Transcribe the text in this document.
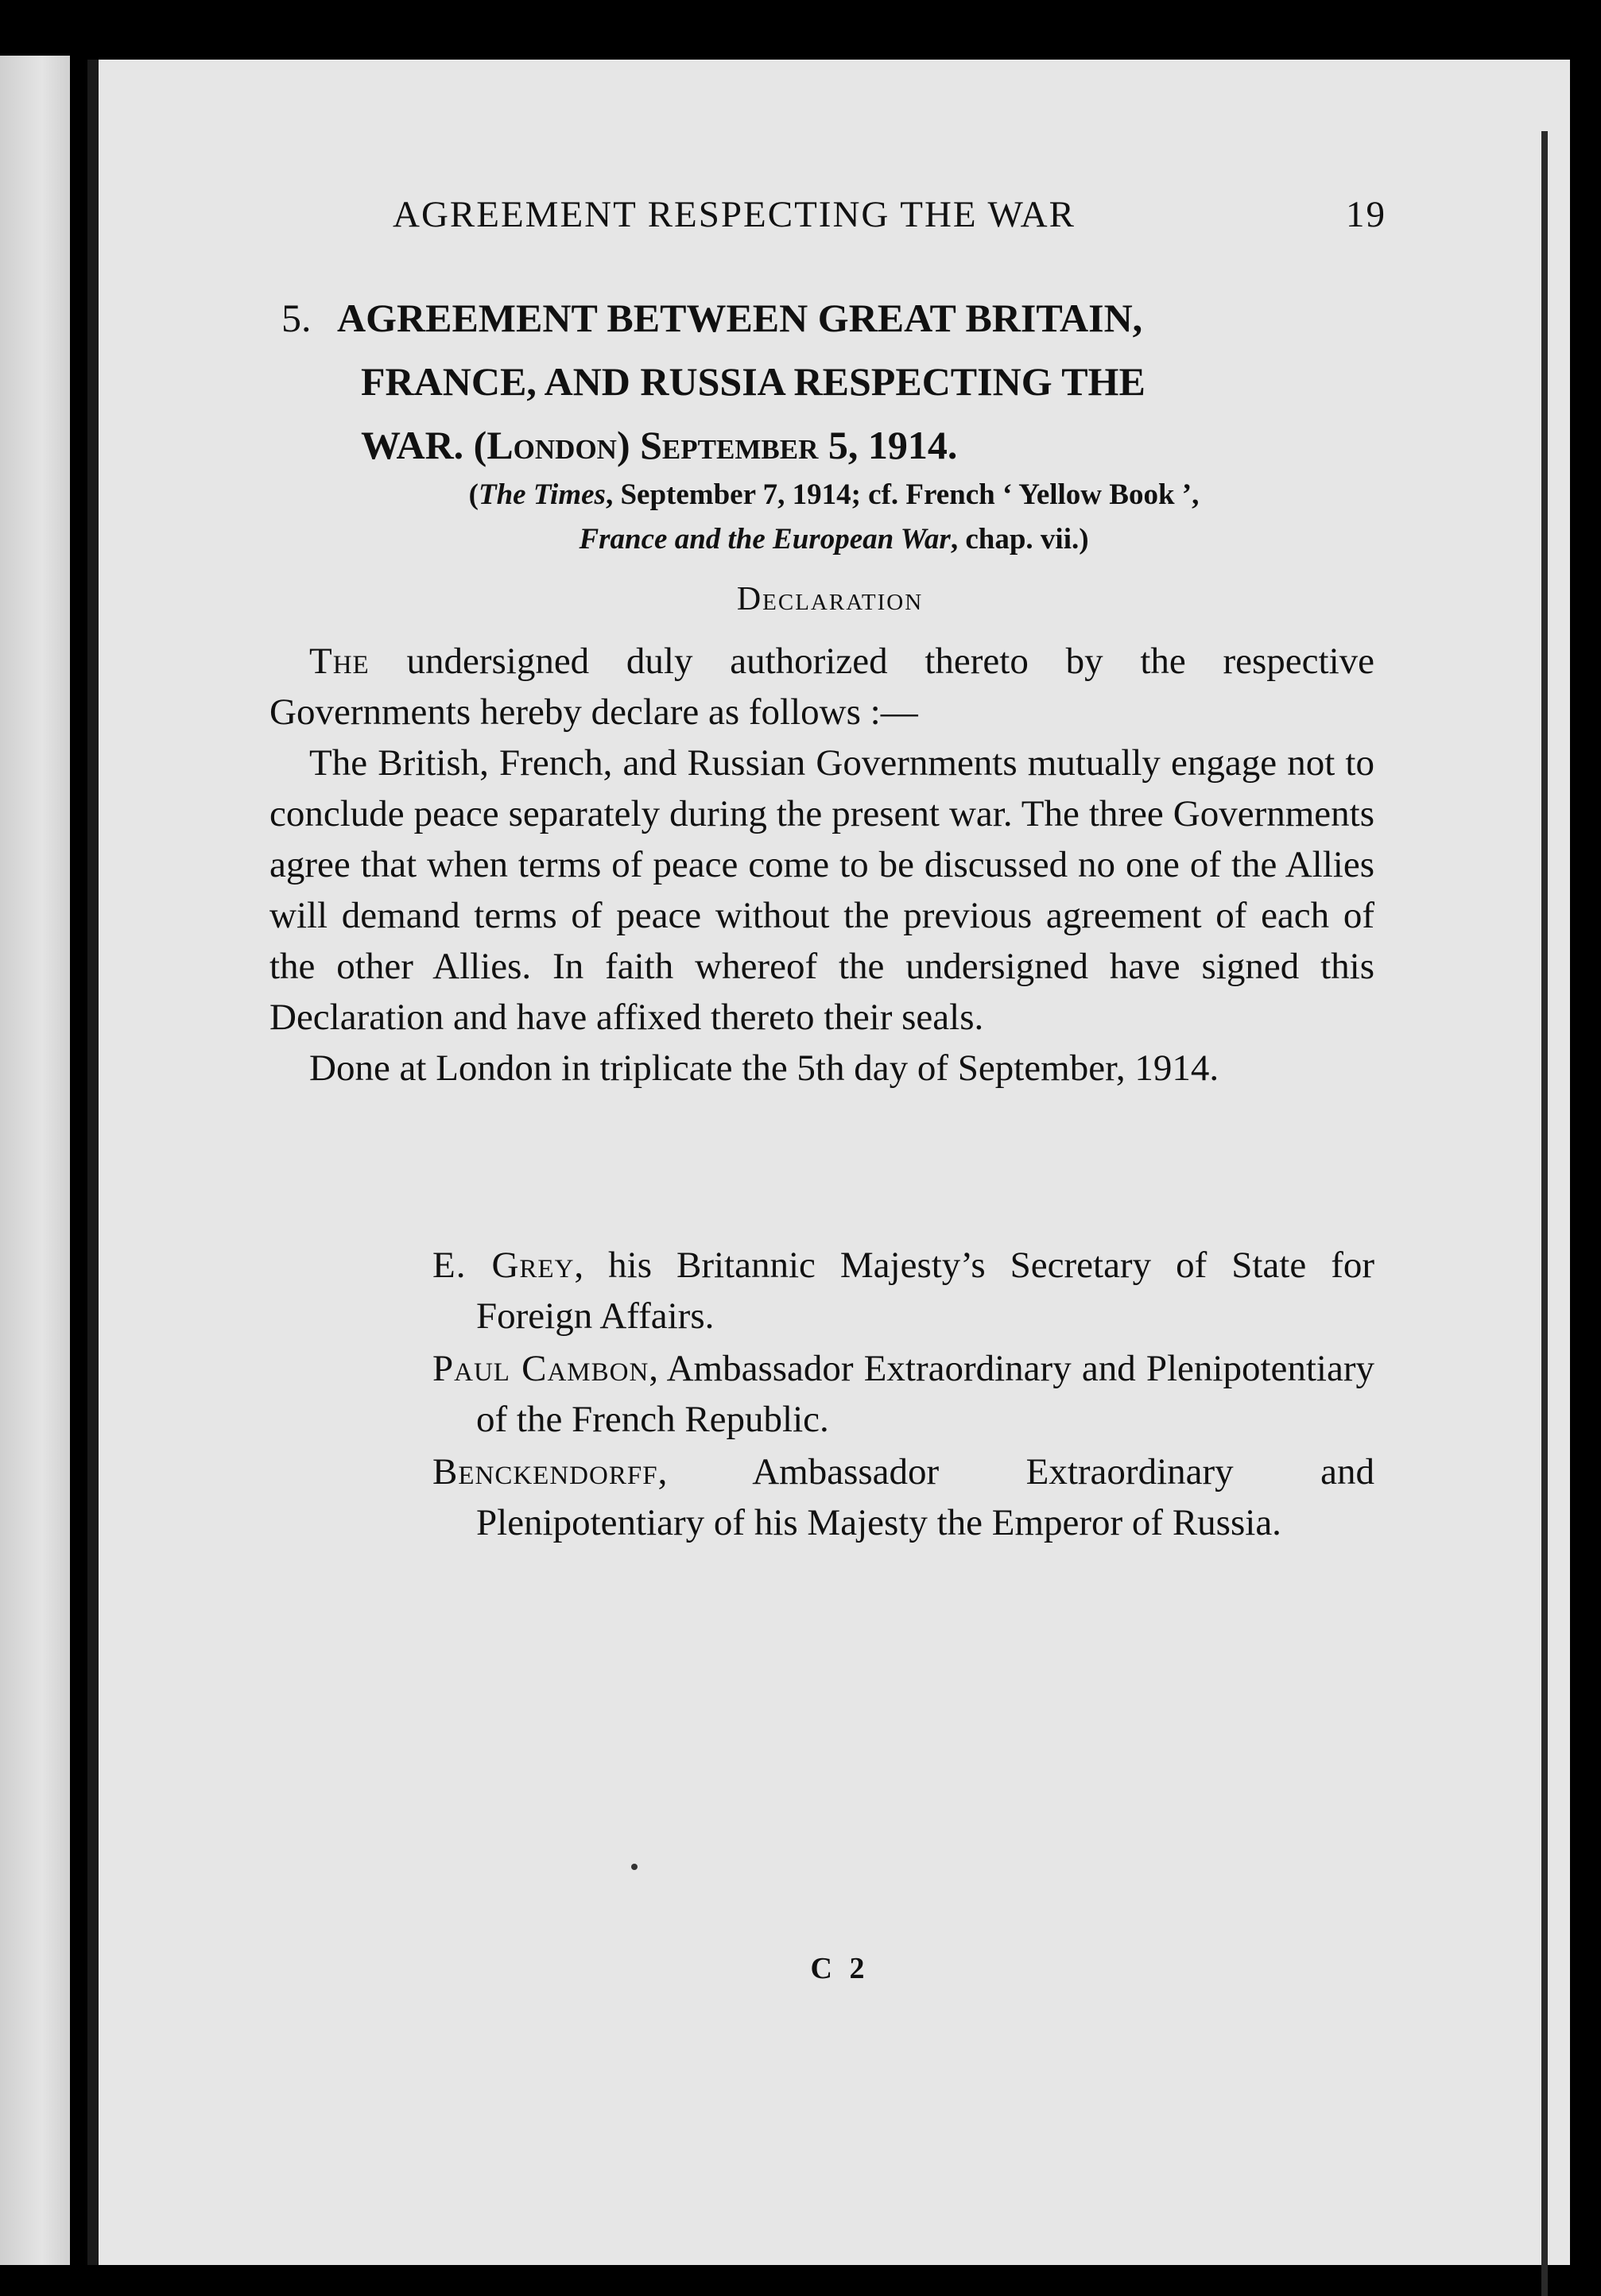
AGREEMENT RESPECTING THE WAR	19
5. AGREEMENT BETWEEN GREAT BRITAIN,
FRANCE, AND RUSSIA RESPECTING THE
WAR. (London) September 5, 1914.
(The Times, September 7, 1914; cf. French ‘ Yellow Book ’,
France and the European War, chap. vii.)
Declaration

The undersigned duly authorized thereto by the respective Governments hereby declare as follows :—

The British, French, and Russian Governments mutually engage not to conclude peace separately during the present war. The three Governments agree that when terms of peace come to be discussed no one of the Allies will demand terms of peace without the previous agreement of each of the other Allies. In faith whereof the undersigned have signed this Declaration and have affixed thereto their seals.

Done at London in triplicate the 5th day of September, 1914.

E. Grey, his Britannic Majesty’s Secretary of State for Foreign Affairs.

Paul Cambon, Ambassador Extraordinary and Plenipotentiary of the French Republic.

Benckendorff, Ambassador Extraordinary and Plenipotentiary of his Majesty the Emperor of Russia.

C 2
